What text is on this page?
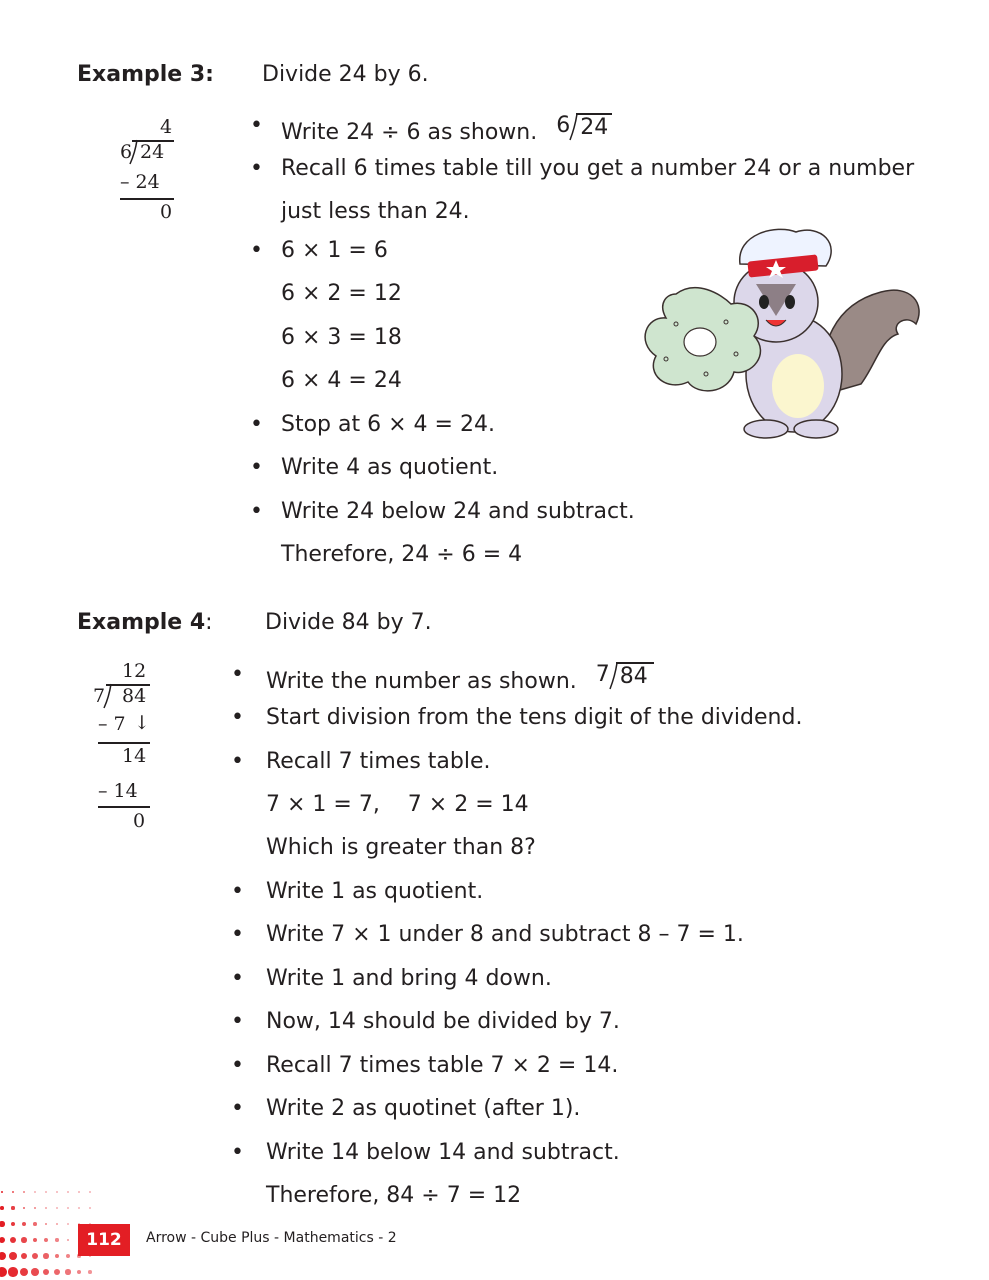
Example 3: Divide 24 by 6.
4
6 24
– 24
0
• Write 24 ÷ 6 as shown. 6 24
• Recall 6 times table till you get a number 24 or a number
just less than 24.
• 6 × 1 = 6
6 × 2 = 12
6 × 3 = 18
6 × 4 = 24
• Stop at 6 × 4 = 24.
• Write 4 as quotient.
• Write 24 below 24 and subtract.
Therefore, 24 ÷ 6 = 4
Example 4: Divide 84 by 7.
12
7 84
– 7 ↓
14
– 14
0
• Write the number as shown. 7 84
• Start division from the tens digit of the dividend.
• Recall 7 times table.
7 × 1 = 7,    7 × 2 = 14
Which is greater than 8?
• Write 1 as quotient.
• Write 7 × 1 under 8 and subtract 8 – 7 = 1.
• Write 1 and bring 4 down.
• Now, 14 should be divided by 7.
• Recall 7 times table 7 × 2 = 14.
• Write 2 as quotinet (after 1).
• Write 14 below 14 and subtract.
Therefore, 84 ÷ 7 = 12
112	Arrow - Cube Plus - Mathematics - 2
